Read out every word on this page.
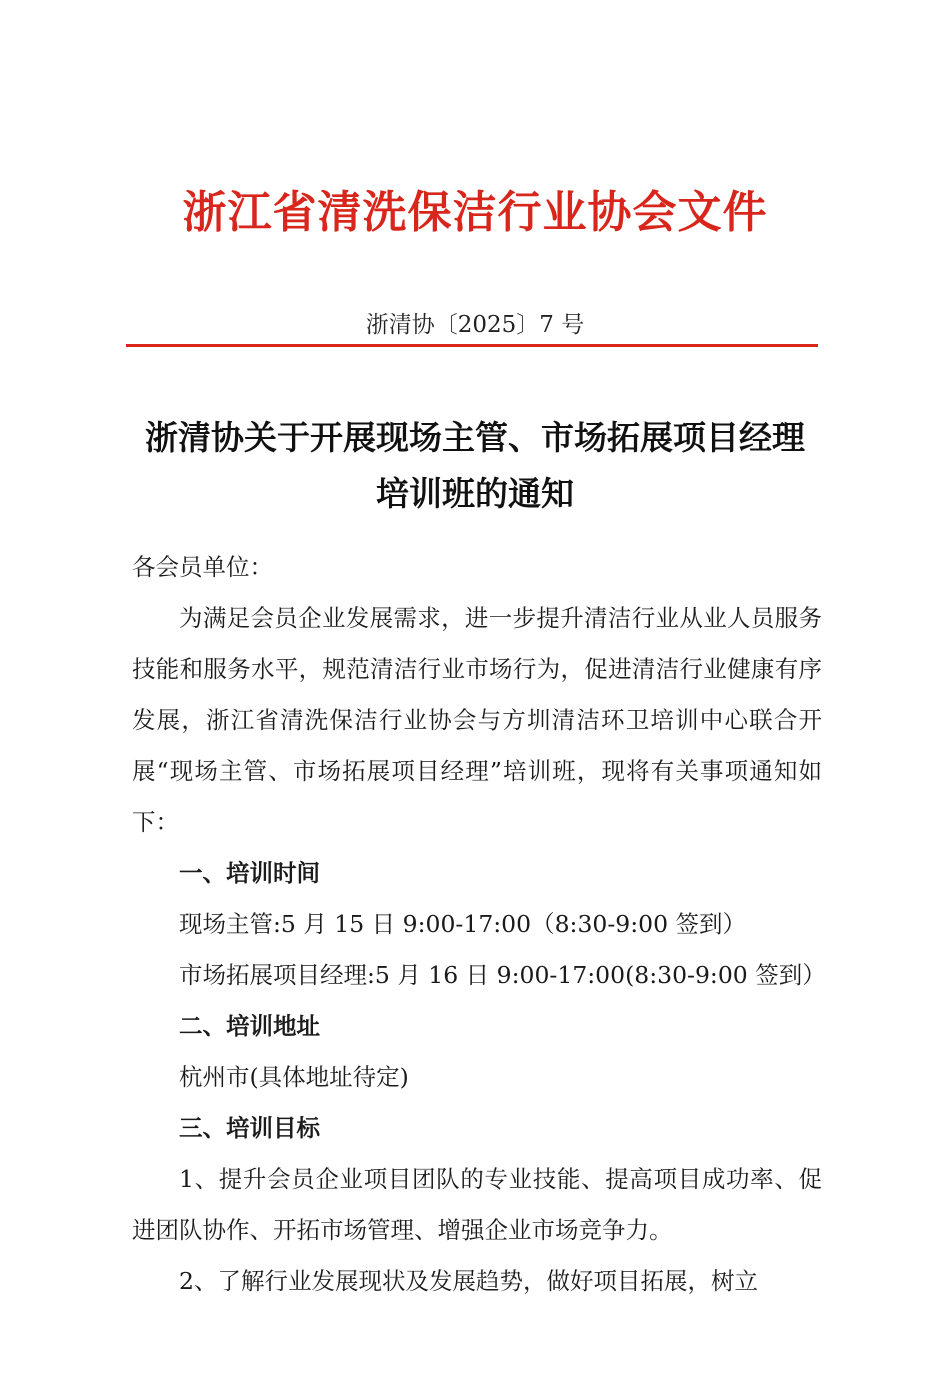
浙江省清洗保洁行业协会文件
浙清协〔2025〕7 号
浙清协关于开展现场主管、市场拓展项目经理
培训班的通知

各会员单位：

为满足会员企业发展需求，进一步提升清洁行业从业人员服务技能和服务水平，规范清洁行业市场行为，促进清洁行业健康有序发展，浙江省清洗保洁行业协会与方圳清洁环卫培训中心联合开展“现场主管、市场拓展项目经理”培训班，现将有关事项通知如下：

一、培训时间

现场主管:5 月 15 日 9:00-17:00（8:30-9:00 签到）

市场拓展项目经理:5 月 16 日 9:00-17:00(8:30-9:00 签到）

二、培训地址

杭州市(具体地址待定)

三、培训目标

1、提升会员企业项目团队的专业技能、提高项目成功率、促进团队协作、开拓市场管理、增强企业市场竞争力。

2、了解行业发展现状及发展趋势，做好项目拓展，树立
